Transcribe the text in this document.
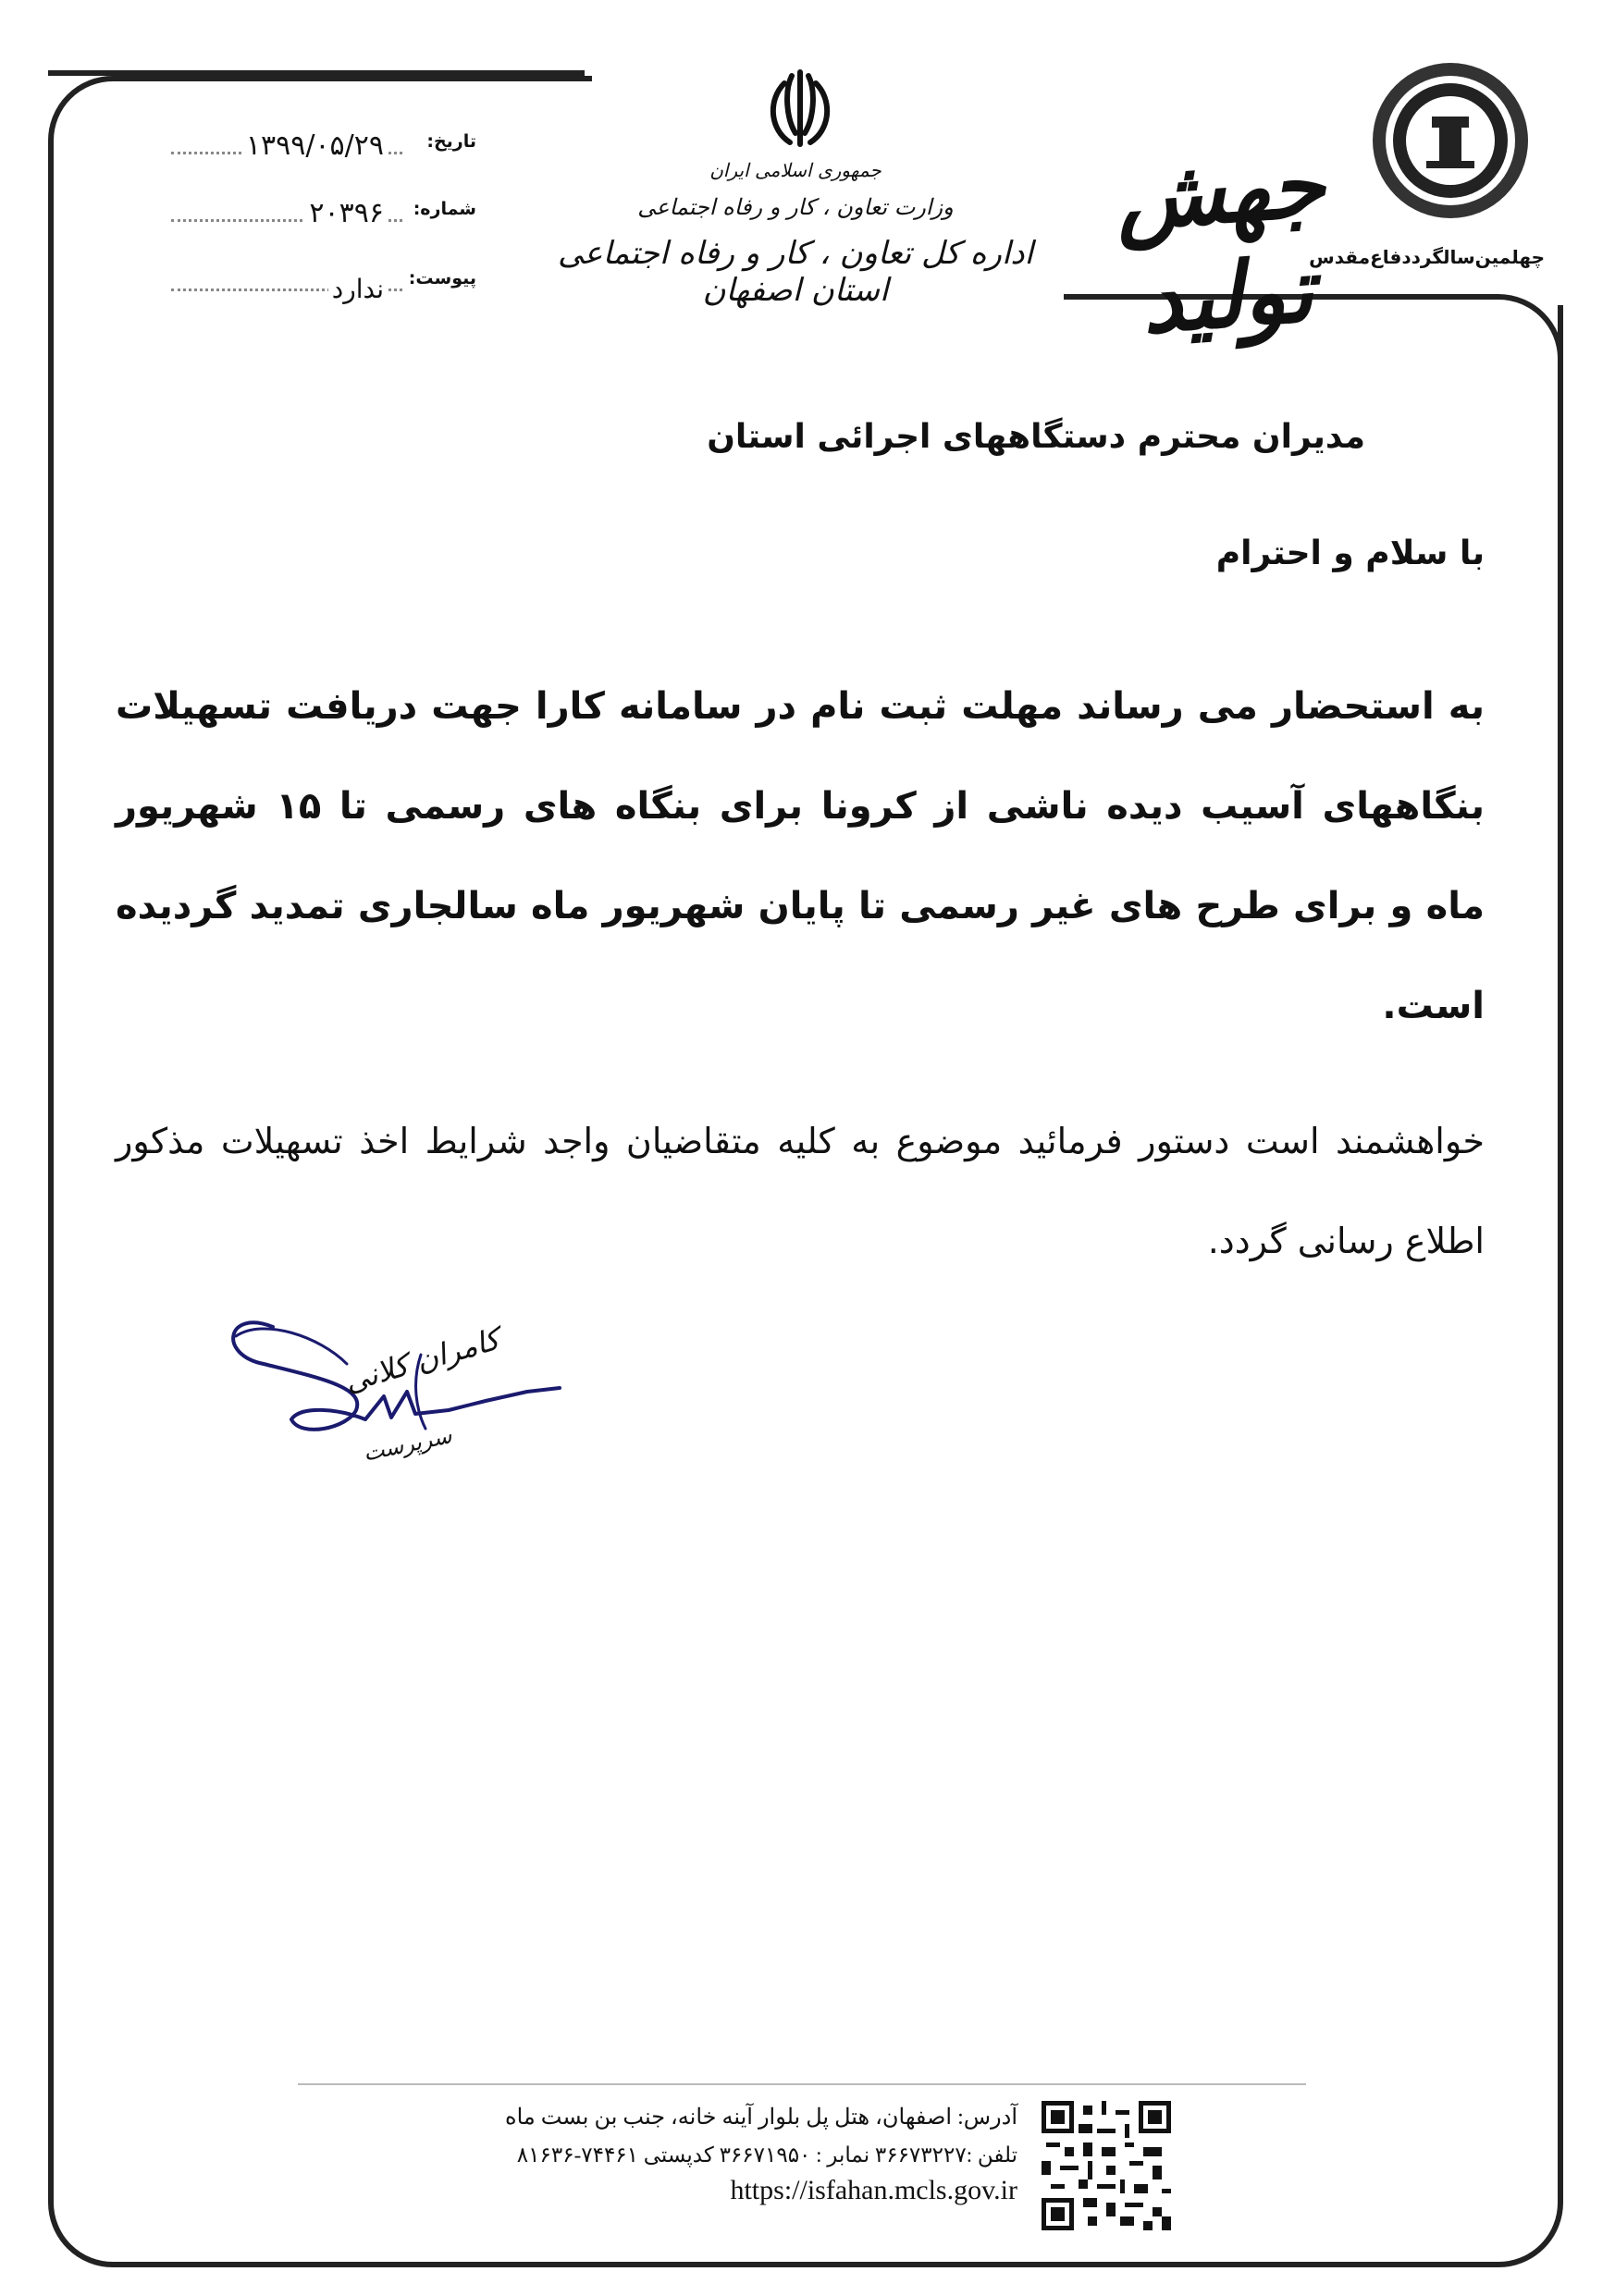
چهلمین‌سالگرددفاع‌مقدس
جهش تولید
جمهوری اسلامی ایران
وزارت تعاون ، کار و رفاه اجتماعی
اداره کل تعاون ، کار و رفاه اجتماعی استان اصفهان
تاریخ:
۱۳۹۹/۰۵/۲۹
شماره:
۲۰۳۹۶
پیوست:
ندارد
مدیران محترم دستگاههای اجرائی استان
با سلام و احترام
به استحضار می رساند مهلت ثبت نام در سامانه کارا جهت دریافت تسهیلات بنگاههای آسیب دیده ناشی از کرونا برای بنگاه های رسمی تا ۱۵ شهریور ماه و برای طرح های غیر رسمی تا پایان شهریور ماه سالجاری تمدید گردیده است.
خواهشمند است دستور فرمائید موضوع به کلیه متقاضیان واجد شرایط اخذ تسهیلات مذکور اطلاع رسانی گردد.
کامران کلانی
سرپرست
آدرس: اصفهان، هتل پل بلوار آینه خانه، جنب بن بست ماه
تلفن :۳۶۶۷۳۲۲۷ نمابر : ۳۶۶۷۱۹۵۰ کدپستی ۷۴۴۶۱-۸۱۶۳۶
https://isfahan.mcls.gov.ir
